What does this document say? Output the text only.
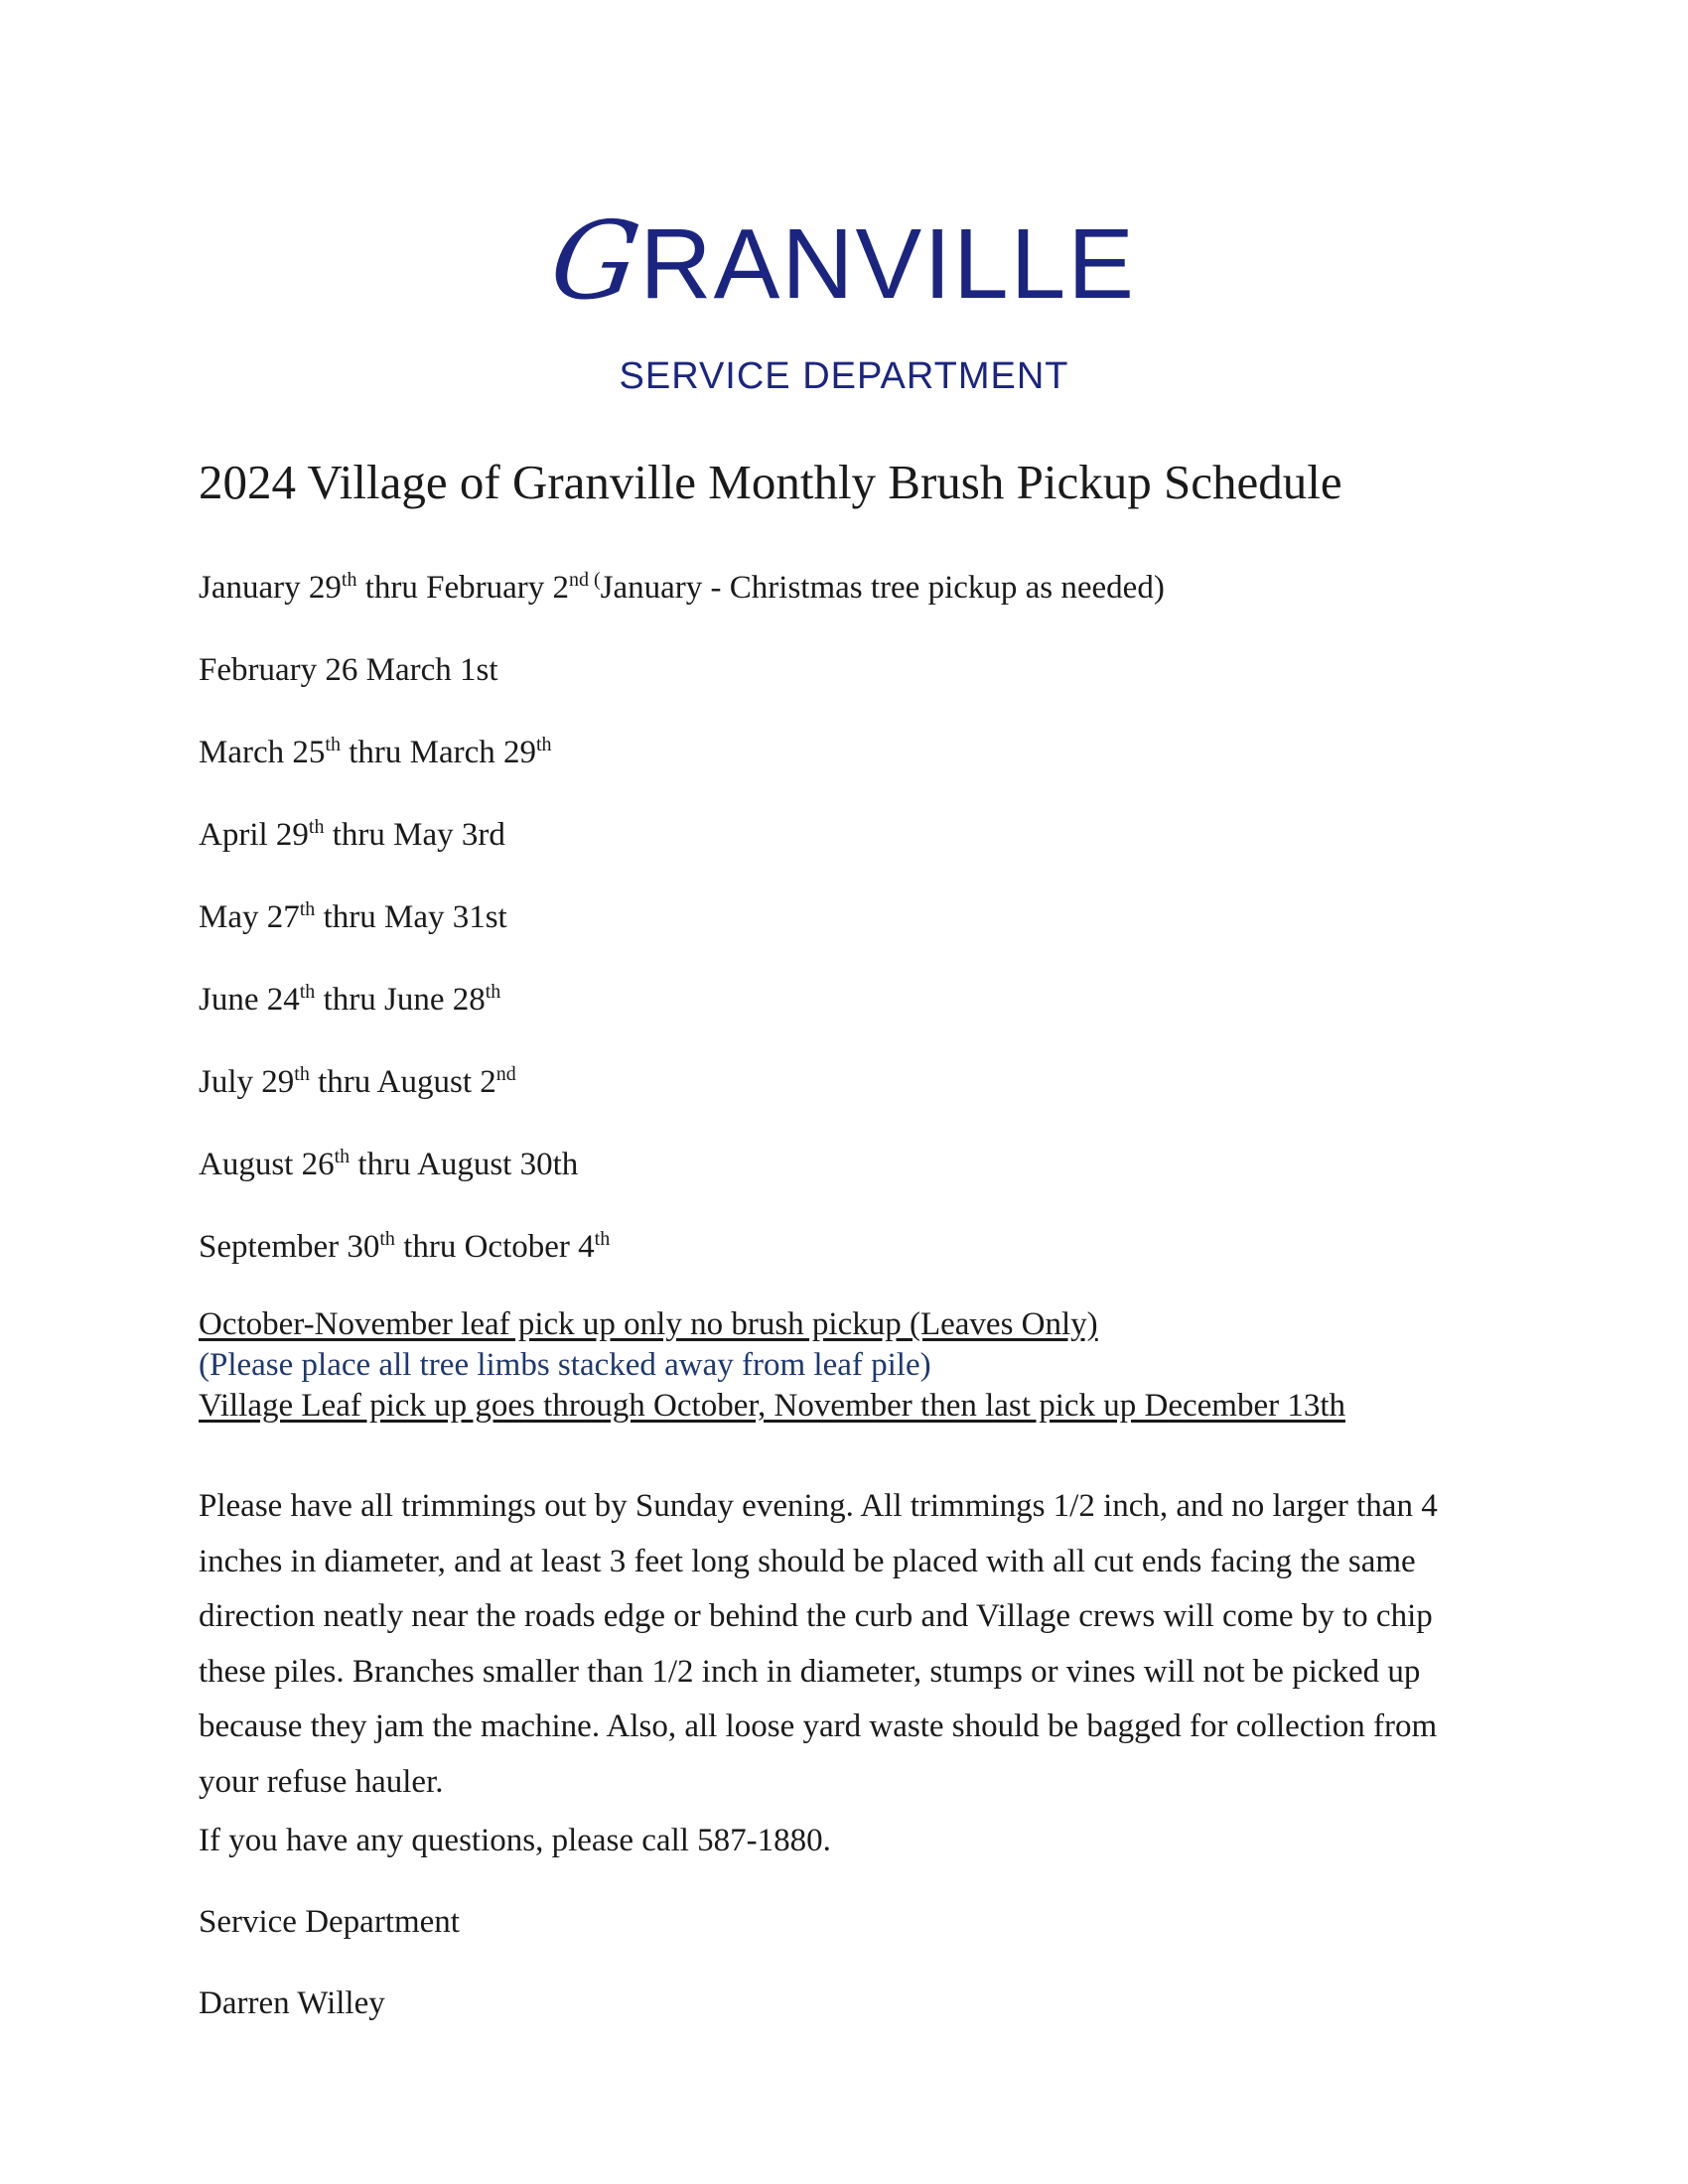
GRANVILLE
SERVICE DEPARTMENT
2024 Village of Granville Monthly Brush Pickup Schedule
January 29th thru February $2^{nd (}January$ - Christmas tree pickup as needed)
February 26 March 1st
March 25th thru March 29th
April 29th thru May 3rd
May 27th thru May 31st
June 24th thru June 28th
July 29th thru August 2nd
August 26th thru August 30th
September 30th thru October 4th
October-November leaf pick up only no brush pickup (Leaves Only)
(Please place all tree limbs stacked away from leaf pile)
Village Leaf pick up goes through October, November then last pick up December 13th

Please have all trimmings out by Sunday evening. All trimmings 1/2 inch, and no larger than 4 inches in diameter, and at least 3 feet long should be placed with all cut ends facing the same direction neatly near the roads edge or behind the curb and Village crews will come by to chip these piles. Branches smaller than 1/2 inch in diameter, stumps or vines will not be picked up because they jam the machine. Also, all loose yard waste should be bagged for collection from your refuse hauler.

If you have any questions, please call 587-1880.
Service Department
Darren Willey
